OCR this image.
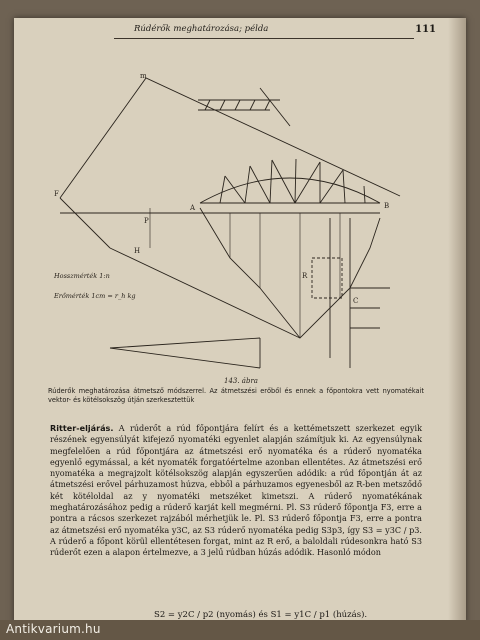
Rúdérők meghatározása; példa	111
F
m
A	B
H
P
R
C
Hosszmérték 1:n
Erőmérték 1cm = r_h kg
143. ábra
Rúderők meghatározása átmetsző módszerrel. Az átmetszési erőből és ennek a főpontokra vett nyomatékait vektor- és kötélsokszög útján szerkesztettük

Ritter-eljárás. A rúderőt a rúd főpontjára felírt és a kettémetszett szerkezet egyik részének egyensúlyát kifejező nyomatéki egyenlet alapján számítjuk ki. Az egyensúlynak megfelelően a rúd főpontjára az átmetszési erő nyomatéka és a rúderő nyomatéka egyenlő egymással, a két nyomaték forgatóértelme azonban ellentétes. Az átmetszési erő nyomatéka a megrajzolt kötélsokszög alapján egyszerűen adódik: a rúd főpontján át az átmetszési erővel párhuzamost húzva, ebből a párhuzamos egyenesből az R-ben metsződő két kötéloldal az y nyomatéki metszéket kimetszi. A rúderő nyomatékának meghatározásához pedig a rúderő karját kell megmérni. Pl. S3 rúderő főpontja F3, erre a pontra a rácsos szerkezet rajzából mérhetjük le. Pl. S3 rúderő főpontja F3, erre a pontra az átmetszési erő nyomatéka y3C, az S3 rúderő nyomatéka pedig S3p3, így S3 = y3C / p3. A rúderő a főpont körül ellentétesen forgat, mint az R erő, a baloldali rúdesonkra ható S3 rúderőt ezen a alapon értelmezve, a 3 jelű rúdban húzás adódik. Hasonló módon

S2 = y2C / p2 (nyomás) és S1 = y1C / p1 (húzás).
Antikvarium.hu
